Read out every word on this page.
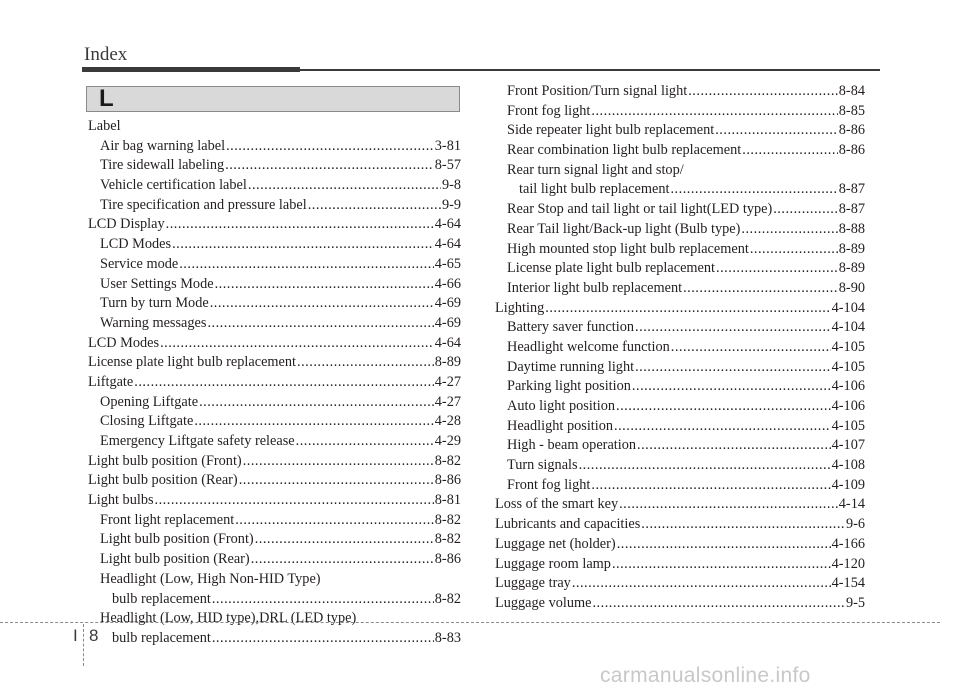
Index
L
Label
Air bag warning label .....	3-81
Tire sidewall labeling .....	8-57
Vehicle certification label .....	9-8
Tire specification and pressure label .....	9-9
LCD Display .....	4-64
LCD Modes .....	4-64
Service mode .....	4-65
User Settings Mode .....	4-66
Turn by turn Mode .....	4-69
Warning messages .....	4-69
LCD Modes .....	4-64
License plate light bulb replacement .....	8-89
Liftgate .....	4-27
Opening Liftgate .....	4-27
Closing Liftgate .....	4-28
Emergency Liftgate safety release .....	4-29
Light bulb position (Front) .....	8-82
Light bulb position (Rear) .....	8-86
Light bulbs .....	8-81
Front light replacement .....	8-82
Light bulb position (Front) .....	8-82
Light bulb position (Rear) .....	8-86
Headlight (Low, High Non-HID Type)
bulb replacement .....	8-82
Headlight (Low, HID type),DRL (LED type)
bulb replacement .....	8-83
Front Position/Turn signal light .....	8-84
Front fog light .....	8-85
Side repeater light bulb replacement .....	8-86
Rear combination light bulb replacement .....	8-86
Rear turn signal light and stop/
tail light bulb replacement .....	8-87
Rear Stop and tail light or tail light(LED type) .....	8-87
Rear Tail light/Back-up light (Bulb type) .....	8-88
High mounted stop light bulb replacement .....	8-89
License plate light bulb replacement .....	8-89
Interior light bulb replacement .....	8-90
Lighting .....	4-104
Battery saver function .....	4-104
Headlight welcome function .....	4-105
Daytime running light .....	4-105
Parking light position .....	4-106
Auto light position .....	4-106
Headlight position .....	4-105
High - beam operation .....	4-107
Turn signals .....	4-108
Front fog light .....	4-109
Loss of the smart key .....	4-14
Lubricants and capacities .....	9-6
Luggage net (holder) .....	4-166
Luggage room lamp .....	4-120
Luggage tray .....	4-154
Luggage volume .....	9-5
I 8
carmanualsonline.info
